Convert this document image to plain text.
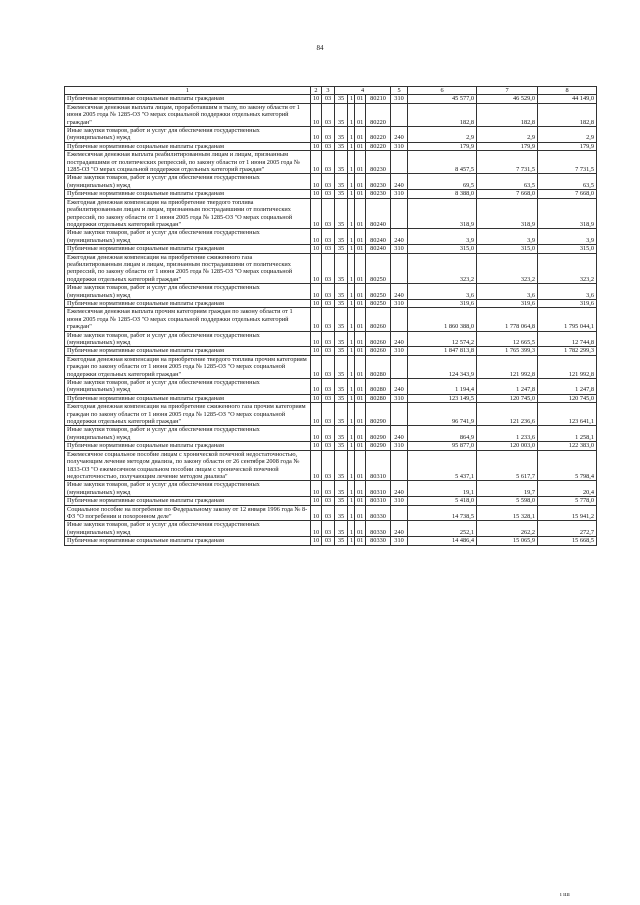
84
1	2	3	4				5	6	7	8
Публичные нормативные социальные выплаты гражданам	10	03	35	1	01	80210	310	45 577,0	46 529,0	44 149,0
Ежемесячная денежная выплата лицам, проработавшим в тылу, по закону области от 1 июня 2005 года № 1285-ОЗ "О мерах социальной поддержки отдельных категорий граждан"	10	03	35	1	01	80220		182,8	182,8	182,8
Иные закупки товаров, работ и услуг для обеспечения государственных (муниципальных) нужд	10	03	35	1	01	80220	240	2,9	2,9	2,9
Публичные нормативные социальные выплаты гражданам	10	03	35	1	01	80220	310	179,9	179,9	179,9
Ежемесячная денежная выплата реабилитированным лицам и лицам, признанным пострадавшими от политических репрессий, по закону области от 1 июня 2005 года № 1285-ОЗ "О мерах социальной поддержки отдельных категорий граждан"	10	03	35	1	01	80230		8 457,5	7 731,5	7 731,5
Иные закупки товаров, работ и услуг для обеспечения государственных (муниципальных) нужд	10	03	35	1	01	80230	240	69,5	63,5	63,5
Публичные нормативные социальные выплаты гражданам	10	03	35	1	01	80230	310	8 388,0	7 668,0	7 668,0
Ежегодная денежная компенсация на приобретение твердого топлива реабилитированным лицам и лицам, признанным пострадавшими от политических репрессий, по закону области от 1 июня 2005 года № 1285-ОЗ "О мерах социальной поддержки отдельных категорий граждан"	10	03	35	1	01	80240		318,9	318,9	318,9
Иные закупки товаров, работ и услуг для обеспечения государственных (муниципальных) нужд	10	03	35	1	01	80240	240	3,9	3,9	3,9
Публичные нормативные социальные выплаты гражданам	10	03	35	1	01	80240	310	315,0	315,0	315,0
Ежегодная денежная компенсация на приобретение сжиженного газа реабилитированным лицам и лицам, признанным пострадавшими от политических репрессий, по закону области от 1 июня 2005 года № 1285-ОЗ "О мерах социальной поддержки отдельных категорий граждан"	10	03	35	1	01	80250		323,2	323,2	323,2
Иные закупки товаров, работ и услуг для обеспечения государственных (муниципальных) нужд	10	03	35	1	01	80250	240	3,6	3,6	3,6
Публичные нормативные социальные выплаты гражданам	10	03	35	1	01	80250	310	319,6	319,6	319,6
Ежемесячная денежная выплата прочим категориям граждан по закону области от 1 июня 2005 года № 1285-ОЗ "О мерах социальной поддержки отдельных категорий граждан"	10	03	35	1	01	80260		1 860 388,0	1 778 064,8	1 795 044,1
Иные закупки товаров, работ и услуг для обеспечения государственных (муниципальных) нужд	10	03	35	1	01	80260	240	12 574,2	12 665,5	12 744,8
Публичные нормативные социальные выплаты гражданам	10	03	35	1	01	80260	310	1 847 813,8	1 765 399,3	1 782 299,3
Ежегодная денежная компенсация на приобретение твердого топлива прочим категориям граждан по закону области от 1 июня 2005 года № 1285-ОЗ "О мерах социальной поддержки отдельных категорий граждан"	10	03	35	1	01	80280		124 343,9	121 992,8	121 992,8
Иные закупки товаров, работ и услуг для обеспечения государственных (муниципальных) нужд	10	03	35	1	01	80280	240	1 194,4	1 247,8	1 247,8
Публичные нормативные социальные выплаты гражданам	10	03	35	1	01	80280	310	123 149,5	120 745,0	120 745,0
Ежегодная денежная компенсация на приобретение сжиженного газа прочим категориям граждан по закону области от 1 июня 2005 года № 1285-ОЗ "О мерах социальной поддержки отдельных категорий граждан"	10	03	35	1	01	80290		96 741,9	121 236,6	123 641,1
Иные закупки товаров, работ и услуг для обеспечения государственных (муниципальных) нужд	10	03	35	1	01	80290	240	864,9	1 233,6	1 258,1
Публичные нормативные социальные выплаты гражданам	10	03	35	1	01	80290	310	95 877,0	120 003,0	122 383,0
Ежемесячное социальное пособие лицам с хронической почечной недостаточностью, получающим лечение методом диализа, по закону области от 26 сентября 2008 года № 1833-ОЗ "О ежемесячном социальном пособии лицам с хронической почечной недостаточностью, получающим лечение методом диализа"	10	03	35	1	01	80310		5 437,1	5 617,7	5 798,4
Иные закупки товаров, работ и услуг для обеспечения государственных (муниципальных) нужд	10	03	35	1	01	80310	240	19,1	19,7	20,4
Публичные нормативные социальные выплаты гражданам	10	03	35	1	01	80310	310	5 418,0	5 598,0	5 778,0
Социальное пособие на погребение по Федеральному закону от 12 января 1996 года № 8-ФЗ "О погребении и похоронном деле"	10	03	35	1	01	80330		14 738,5	15 328,1	15 941,2
Иные закупки товаров, работ и услуг для обеспечения государственных (муниципальных) нужд	10	03	35	1	01	80330	240	252,1	262,2	272,7
Публичные нормативные социальные выплаты гражданам	10	03	35	1	01	80330	310	14 486,4	15 065,9	15 668,5
ı ıııı
